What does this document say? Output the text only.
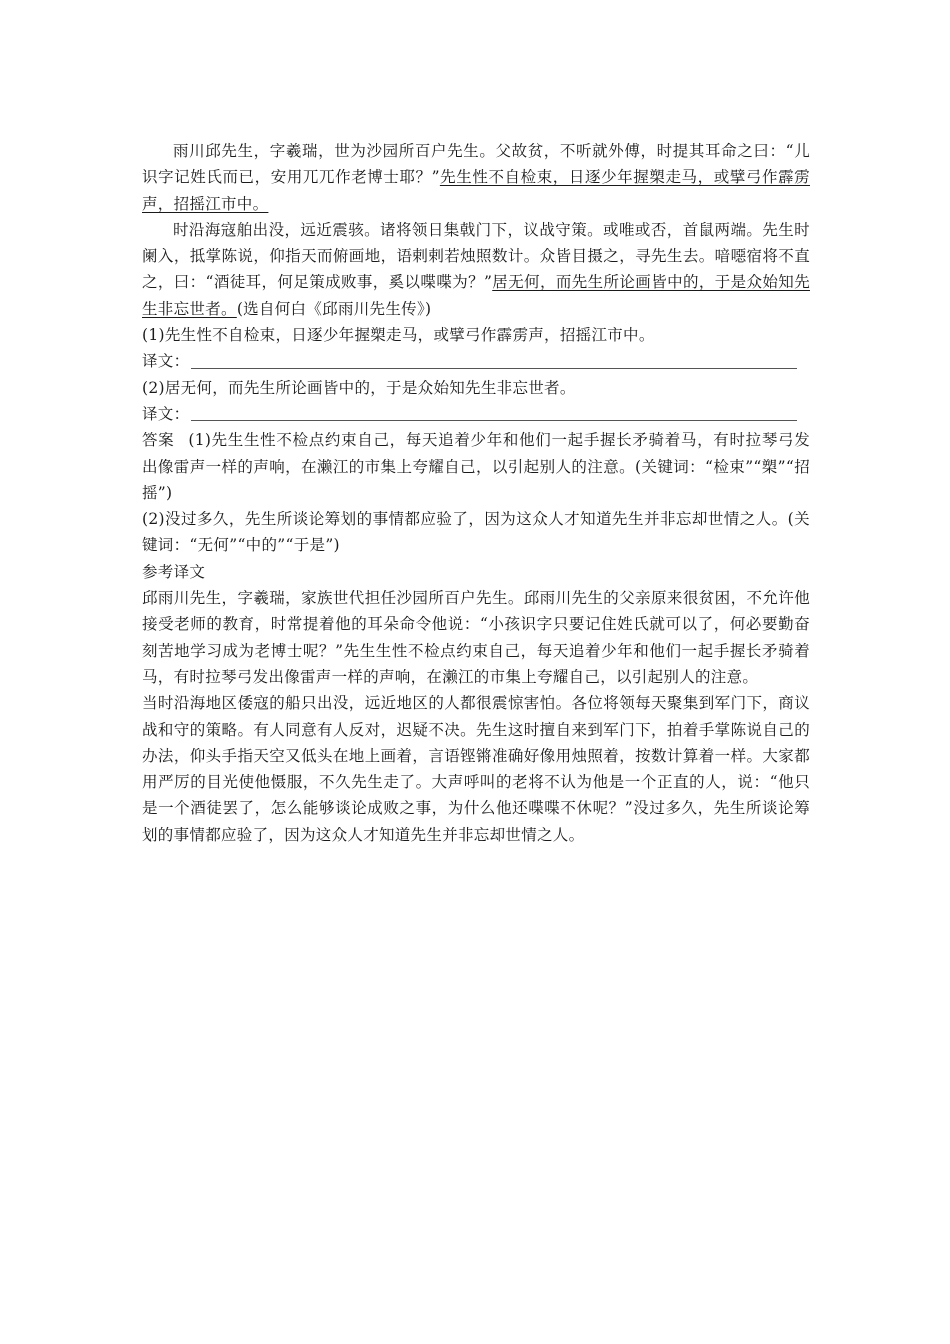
雨川邱先生，字羲瑞，世为沙园所百户先生。父故贫，不听就外傅，时提其耳命之曰：“儿识字记姓氏而已，安用兀兀作老博士耶？”先生性不自检束，日逐少年握槊走马，或擘弓作霹雳声，招摇江市中。

时沿海寇舶出没，远近震骇。诸将领日集戟门下，议战守策。或唯或否，首鼠两端。先生时阑入，抵掌陈说，仰指天而俯画地，语剌剌若烛照数计。众皆目摄之，寻先生去。喑噁宿将不直之，曰：“酒徒耳，何足策成败事，奚以喋喋为？”居无何，而先生所论画皆中的，于是众始知先生非忘世者。(选自何白《邱雨川先生传》)

(1)先生性不自检束，日逐少年握槊走马，或擘弓作霹雳声，招摇江市中。

译文：

(2)居无何，而先生所论画皆中的，于是众始知先生非忘世者。

译文：

答案 (1)先生生性不检点约束自己，每天追着少年和他们一起手握长矛骑着马，有时拉琴弓发出像雷声一样的声响，在濑江的市集上夸耀自己，以引起别人的注意。(关键词：“检束”“槊”“招摇”)

(2)没过多久，先生所谈论筹划的事情都应验了，因为这众人才知道先生并非忘却世情之人。(关键词：“无何”“中的”“于是”)

参考译文

邱雨川先生，字羲瑞，家族世代担任沙园所百户先生。邱雨川先生的父亲原来很贫困，不允许他接受老师的教育，时常提着他的耳朵命令他说：“小孩识字只要记住姓氏就可以了，何必要勤奋刻苦地学习成为老博士呢？”先生生性不检点约束自己，每天追着少年和他们一起手握长矛骑着马，有时拉琴弓发出像雷声一样的声响，在濑江的市集上夸耀自己，以引起别人的注意。

当时沿海地区倭寇的船只出没，远近地区的人都很震惊害怕。各位将领每天聚集到军门下，商议战和守的策略。有人同意有人反对，迟疑不决。先生这时擅自来到军门下，拍着手掌陈说自己的办法，仰头手指天空又低头在地上画着，言语铿锵准确好像用烛照着，按数计算着一样。大家都用严厉的目光使他慑服，不久先生走了。大声呼叫的老将不认为他是一个正直的人，说：“他只是一个酒徒罢了，怎么能够谈论成败之事，为什么他还喋喋不休呢？”没过多久，先生所谈论筹划的事情都应验了，因为这众人才知道先生并非忘却世情之人。
